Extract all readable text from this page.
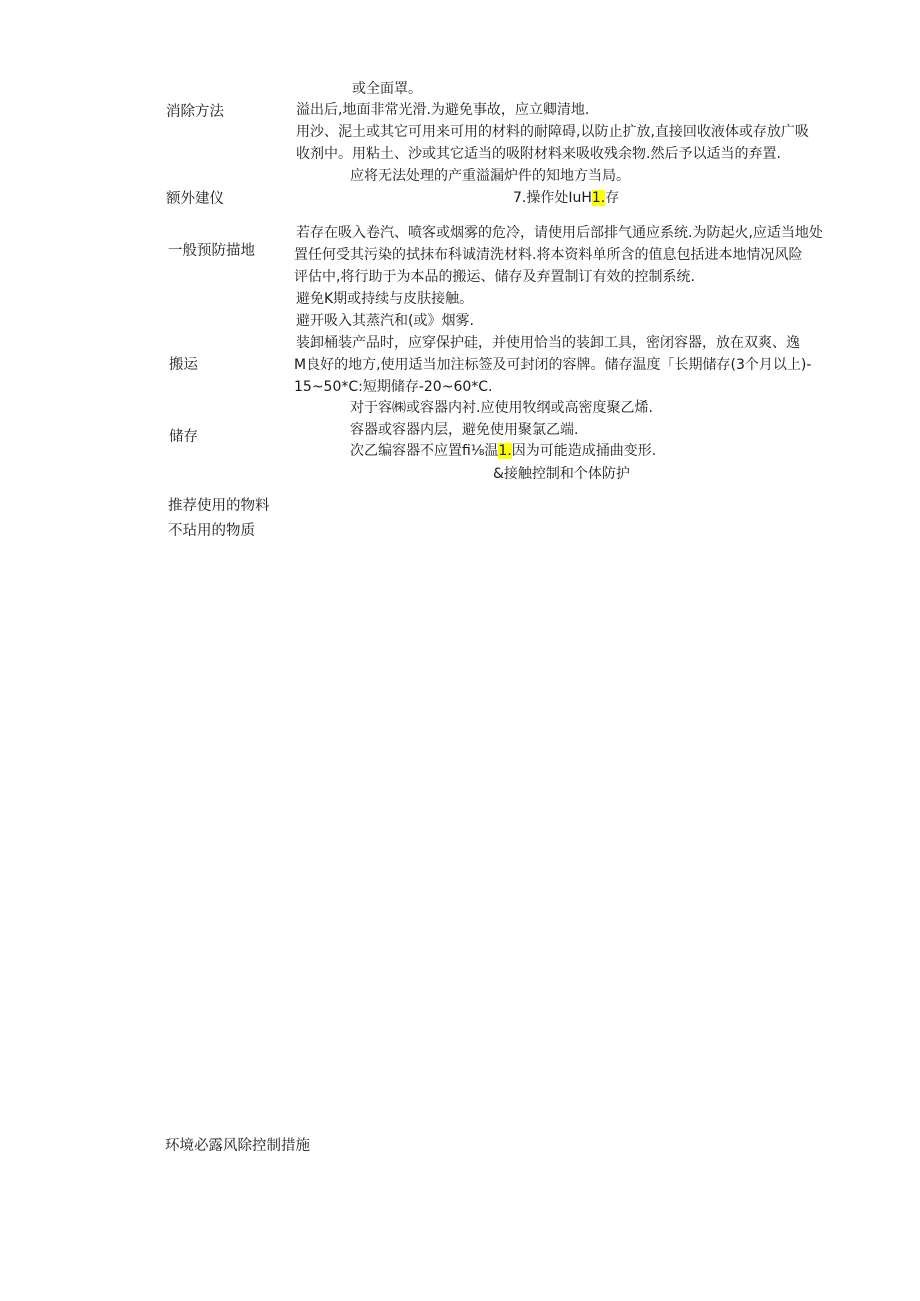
或全面罩。
消除方法	溢出后,地面非常光滑.为避免事故，应立卿清地.
用沙、泥土或其它可用来可用的材料的耐障碍,以防止扩放,直接回收液体或存放广吸
收剂中。用粘土、沙或其它适当的吸附材料来吸收残余物.然后予以适当的弃置.
应将无法处理的产重溢漏炉件的知地方当局。
额外建仪	7.操作处IuH1.存
一般预防描地
若存在吸入卷汽、喷客或烟雾的危冷，请使用后部排气通应系统.为防起火,应适当地处
置任何受其污染的拭抹布科诚清洗材料.将本资料单所含的值息包括进本地情况风险
评估中,将行助于为本品的搬运、储存及弃置制订有效的控制系统.
避免K期或持续与皮肤接触。
避开吸入其蒸汽和(或》烟雾.
装卸桶装产品时，应穿保护硅，并使用恰当的装卸工具，密闭容器，放在双爽、逸
搬运	M良好的地方,使用适当加注标签及可封闭的容牌。储存温度「长期储存(3个月以上)-
15~50*C:短期储存-20~60*C.
对于容㈱或容器内衬.应使用牧纲或高密度聚乙烯.
储存	容器或容器内层，避免使用聚氯乙端.
次乙编容器不应置fi⅛温1.因为可能造成捅曲变形.
&接触控制和个体防护
推荐使用的物料
不玷用的物质
环境必露风除控制措施
